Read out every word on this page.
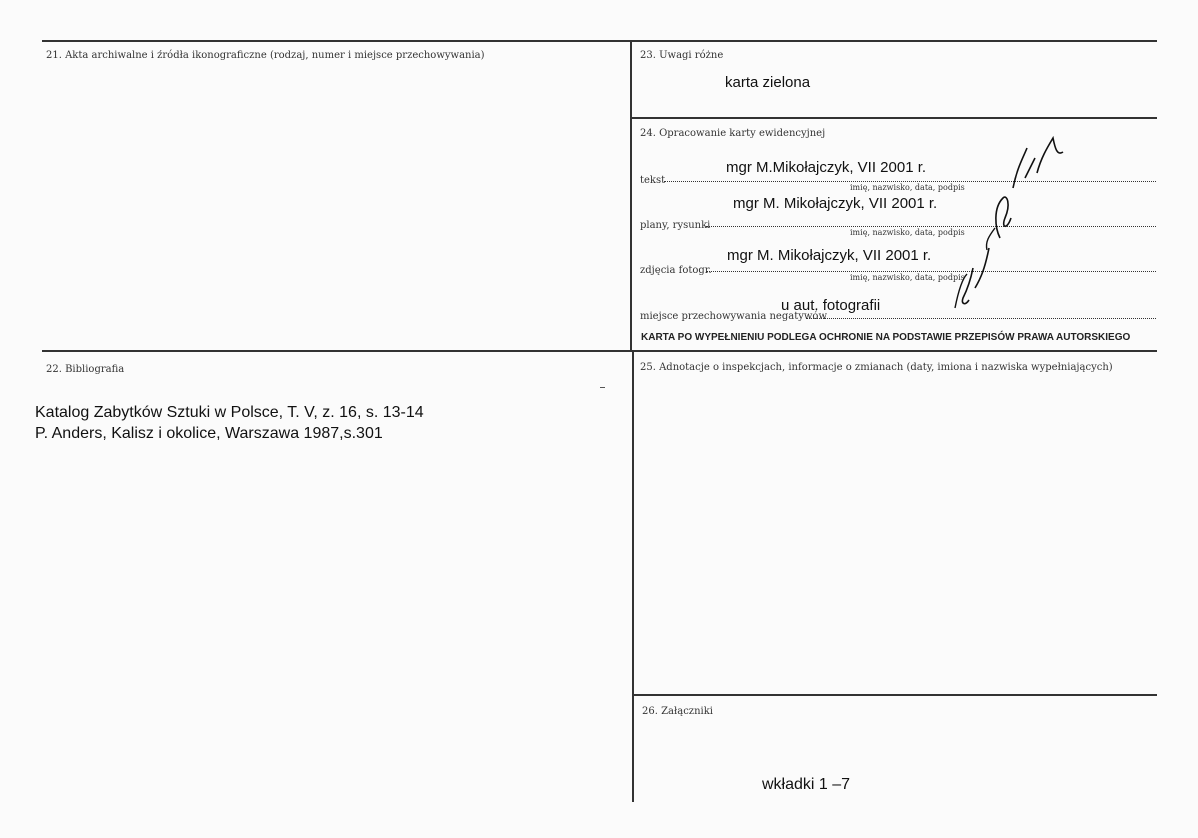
21. Akta archiwalne i źródła ikonograficzne (rodzaj, numer i miejsce przechowywania)	23. Uwagi różne
karta zielona
24. Opracowanie karty ewidencyjnej
mgr M.Mikołajczyk, VII 2001 r.
tekst
imię, nazwisko, data, podpis
mgr M. Mikołajczyk, VII 2001 r.
plany, rysunki
imię, nazwisko, data, podpis
mgr M. Mikołajczyk, VII 2001 r.
zdjęcia fotogr.
imię, nazwisko, data, podpis
u aut. fotografii
miejsce przechowywania negatywów
KARTA PO WYPEŁNIENIU PODLEGA OCHRONIE NA PODSTAWIE PRZEPISÓW PRAWA AUTORSKIEGO
22. Bibliografia
Katalog Zabytków Sztuki w Polsce, T. V, z. 16, s. 13-14
P. Anders, Kalisz i okolice, Warszawa 1987,s.301
25. Adnotacje o inspekcjach, informacje o zmianach (daty, imiona i nazwiska wypełniających)
26. Załączniki
wkładki 1 –7
